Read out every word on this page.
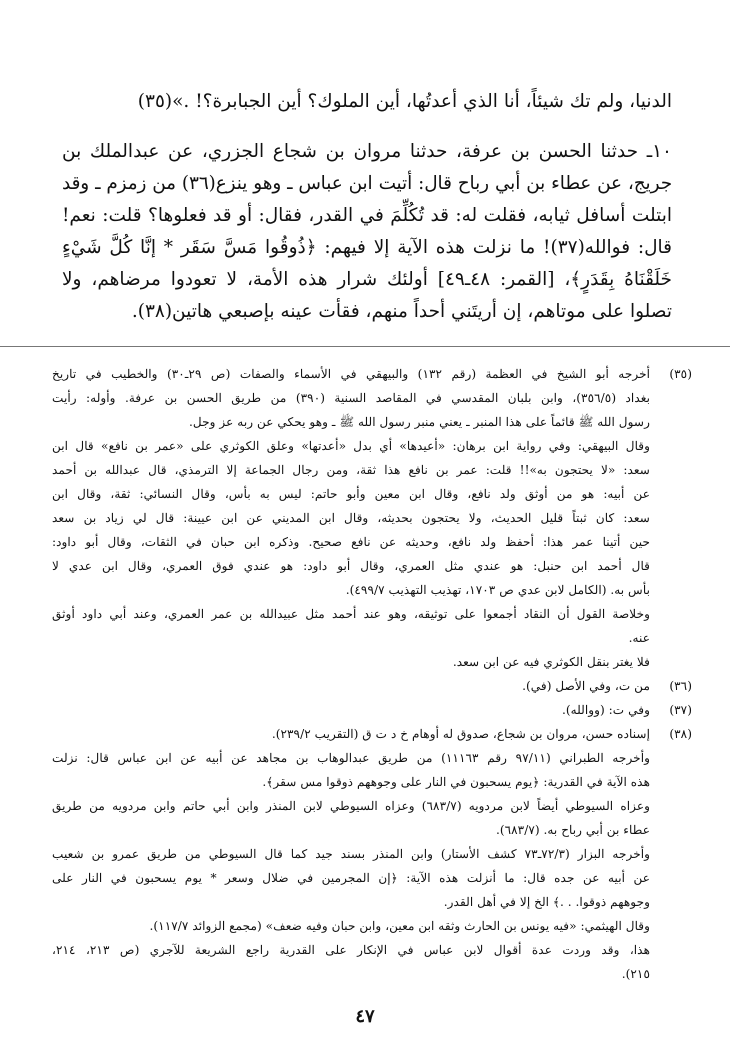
الدنيا، ولم تك شيئاً، أنا الذي أعدتُها، أين الملوك؟ أين الجبابرة؟! .»(٣٥)
١٠ـ حدثنا الحسن بن عرفة، حدثنا مروان بن شجاع الجزري، عن عبدالملك بن
جريج، عن عطاء بن أبي رباح قال: أتيت ابن عباس ـ وهو ينزع(٣٦) من زمزم ـ وقد
ابتلت أسافل ثيابه، فقلت له: قد تُكُلِّمَ في القدر، فقال: أو قد فعلوها؟ قلت: نعم!
قال: فوالله(٣٧)! ما نزلت هذه الآية إلا فيهم: ﴿ذُوقُوا مَسَّ سَقَر * إنَّا كُلَّ شَيْءٍ
خَلَقْنَاهُ بِقَدَرٍ﴾، [القمر: ٤٨ـ٤٩] أولئك شرار هذه الأمة، لا تعودوا مرضاهم، ولا
تصلوا على موتاهم، إن أريتَني أحداً منهم، فقأت عينه بإصبعي هاتين(٣٨).
(٣٥)
أخرجه أبو الشيخ في العظمة (رقم ١٣٢) والبيهقي في الأسماء والصفات (ص ٢٩ـ٣٠) والخطيب في تاريخ
بغداد (٣٥٦/٥)، وابن بلبان المقدسي في المقاصد السنية (٣٩٠) من طريق الحسن بن عرفة. وأوله: رأيت
رسول الله ﷺ قائماً على هذا المنبر ـ يعني منبر رسول الله ﷺ ـ وهو يحكي عن ربه عز وجل.
وقال البيهقي: وفي رواية ابن برهان: «أعيدها» أي بدل «أعدتها» وعلق الكوثري على «عمر بن نافع» قال ابن
سعد: «لا يحتجون به»!! قلت: عمر بن نافع هذا ثقة، ومن رجال الجماعة إلا الترمذي، قال عبدالله بن أحمد
عن أبيه: هو من أوثق ولد نافع، وقال ابن معين وأبو حاتم: ليس به بأس، وقال النسائي: ثقة، وقال ابن
سعد: كان ثبتاً قليل الحديث، ولا يحتجون بحديثه، وقال ابن المديني عن ابن عيينة: قال لي زياد بن سعد
حين أتينا عمر هذا: أحفظ ولد نافع، وحديثه عن نافع صحيح. وذكره ابن حبان في الثقات، وقال أبو داود:
قال أحمد ابن حنبل: هو عندي مثل العمري، وقال أبو داود: هو عندي فوق العمري، وقال ابن عدي لا
بأس به. (الكامل لابن عدي ص ١٧٠٣، تهذيب التهذيب ٤٩٩/٧).
وخلاصة القول أن النقاد أجمعوا على توثيقه، وهو عند أحمد مثل عبيدالله بن عمر العمري، وعند أبي داود أوثق
عنه.
فلا يغتر بنقل الكوثري فيه عن ابن سعد.
(٣٦)
من ت، وفي الأصل (في).
(٣٧)
وفي ت: (ووالله).
(٣٨)
إسناده حسن، مروان بن شجاع، صدوق له أوهام خ د ت ق (التقريب ٢٣٩/٢).
وأخرجه الطبراني (٩٧/١١ رقم ١١١٦٣) من طريق عبدالوهاب بن مجاهد عن أبيه عن ابن عباس قال: نزلت
هذه الآية في القدرية: ﴿يوم يسحبون في النار على وجوههم ذوقوا مس سقر﴾.
وعزاه السيوطي أيضاً لابن مردويه (٦٨٣/٧) وعزاه السيوطي لابن المنذر وابن أبي حاتم وابن مردويه من طريق
عطاء بن أبي رباح به. (٦٨٣/٧).
وأخرجه البزار (٧٢/٣ـ٧٣ كشف الأستار) وابن المنذر بسند جيد كما قال السيوطي من طريق عمرو بن شعيب
عن أبيه عن جده قال: ما أنزلت هذه الآية: ﴿إن المجرمين في ضلال وسعر * يوم يسحبون في النار على
وجوههم ذوقوا. . .﴾ الخ إلا في أهل القدر.
وقال الهيثمي: «فيه يونس بن الحارث وثقه ابن معين، وابن حبان وفيه ضعف» (مجمع الزوائد ١١٧/٧).
هذا، وقد وردت عدة أقوال لابن عباس في الإنكار على القدرية راجع الشريعة للآجري (ص ٢١٣، ٢١٤،
٢١٥).
٤٧
